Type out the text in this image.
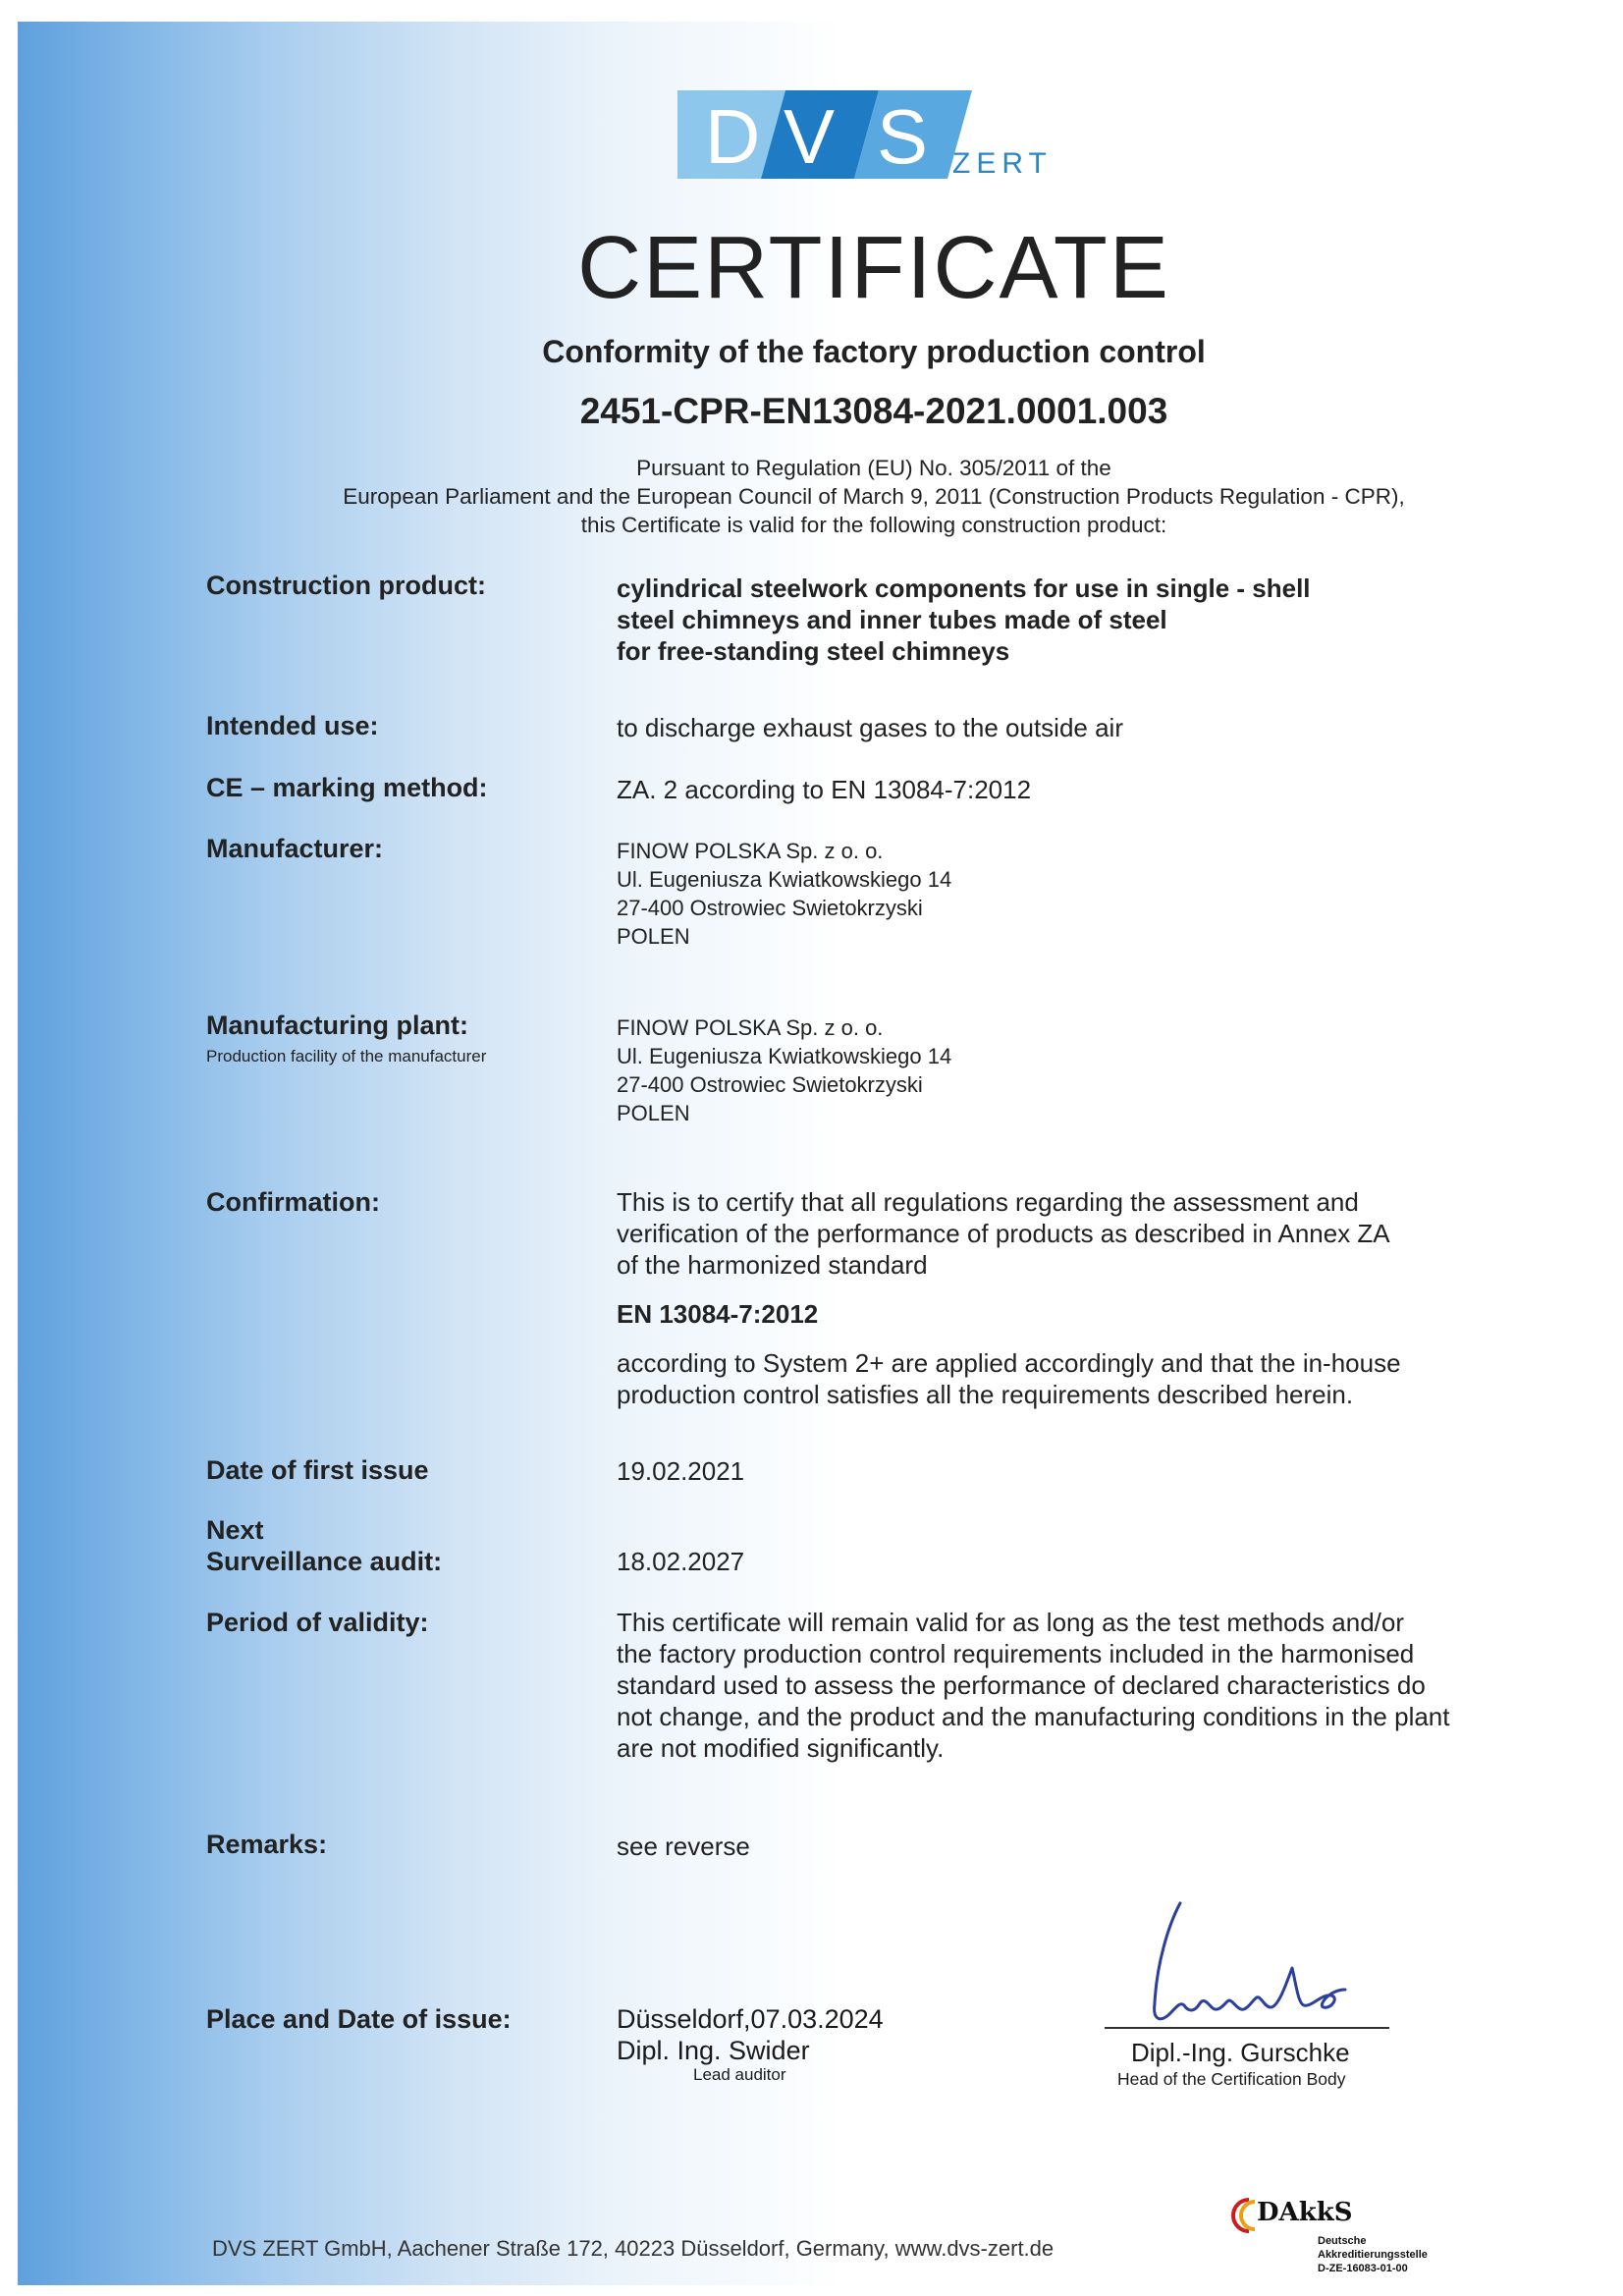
D V S ZERT
CERTIFICATE
Conformity of the factory production control
2451-CPR-EN13084-2021.0001.003
Pursuant to Regulation (EU) No. 305/2011 of the
European Parliament and the European Council of March 9, 2011 (Construction Products Regulation - CPR),
this Certificate is valid for the following construction product:
Construction product:	cylindrical steelwork components for use in single - shell
steel chimneys and inner tubes made of steel
for free-standing steel chimneys
Intended use:	to discharge exhaust gases to the outside air
CE – marking method:	ZA. 2 according to EN 13084-7:2012
Manufacturer:	FINOW POLSKA Sp. z o. o.
Ul. Eugeniusza Kwiatkowskiego 14
27-400 Ostrowiec Swietokrzyski
POLEN
Manufacturing plant:
Production facility of the manufacturer
FINOW POLSKA Sp. z o. o.
Ul. Eugeniusza Kwiatkowskiego 14
27-400 Ostrowiec Swietokrzyski
POLEN
Confirmation:	This is to certify that all regulations regarding the assessment and
verification of the performance of products as described in Annex ZA
of the harmonized standard
EN 13084-7:2012
according to System 2+ are applied accordingly and that the in-house
production control satisfies all the requirements described herein.
Date of first issue	19.02.2021
Next
Surveillance audit:	18.02.2027
Period of validity:	This certificate will remain valid for as long as the test methods and/or
the factory production control requirements included in the harmonised
standard used to assess the performance of declared characteristics do
not change, and the product and the manufacturing conditions in the plant
are not modified significantly.
Remarks:	see reverse
Place and Date of issue:	Düsseldorf,07.03.2024
Dipl. Ing. Swider
Lead auditor
Dipl.-Ing. Gurschke
Head of the Certification Body
DVS ZERT GmbH, Aachener Straße 172, 40223 Düsseldorf, Germany, www.dvs-zert.de
DAkkS
Deutsche
Akkreditierungsstelle
D-ZE-16083-01-00
